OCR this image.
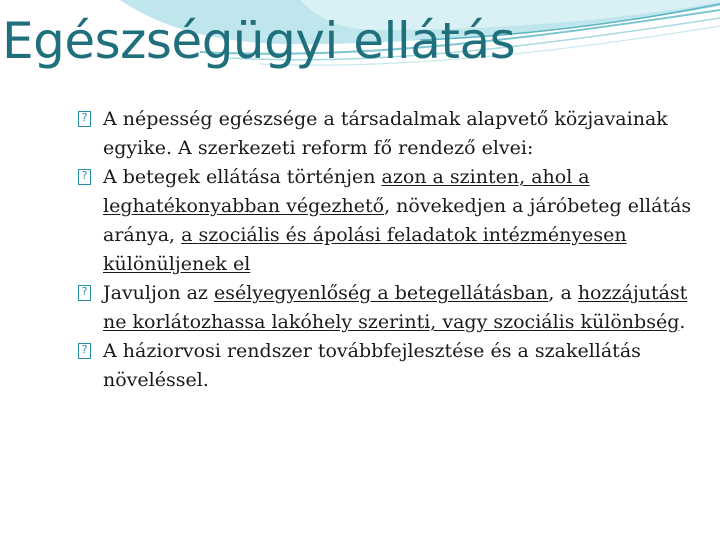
Egészségügyi ellátás
? A népesség egészsége a társadalmak alapvető közjavainak egyike. A szerkezeti reform fő rendező elvei:
? A betegek ellátása történjen azon a szinten, ahol a leghatékonyabban végezhető, növekedjen a járóbeteg ellátás aránya, a szociális és ápolási feladatok intézményesen különüljenek el
? Javuljon az esélyegyenlőség a betegellátásban, a hozzájutást ne korlátozhassa lakóhely szerinti, vagy szociális különbség.
? A háziorvosi rendszer továbbfejlesztése és a szakellátás növeléssel.
